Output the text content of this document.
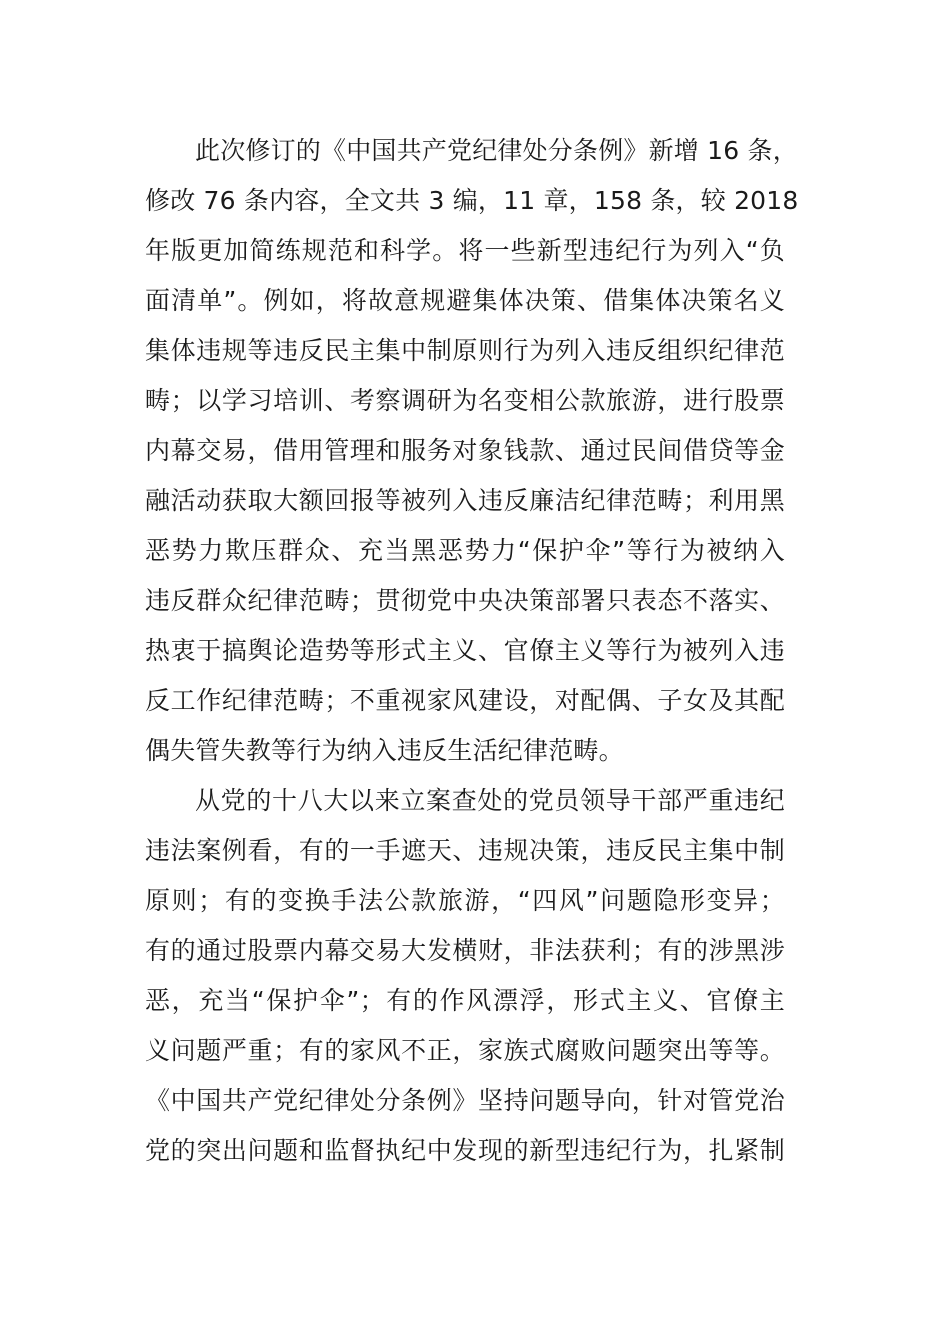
此次修订的《中国共产党纪律处分条例》新增 16 条，
修改 76 条内容，全文共 3 编，11 章，158 条，较 2018
年版更加简练规范和科学。将一些新型违纪行为列入“负
面清单”。例如，将故意规避集体决策、借集体决策名义
集体违规等违反民主集中制原则行为列入违反组织纪律范
畴；以学习培训、考察调研为名变相公款旅游，进行股票
内幕交易，借用管理和服务对象钱款、通过民间借贷等金
融活动获取大额回报等被列入违反廉洁纪律范畴；利用黑
恶势力欺压群众、充当黑恶势力“保护伞”等行为被纳入
违反群众纪律范畴；贯彻党中央决策部署只表态不落实、
热衷于搞舆论造势等形式主义、官僚主义等行为被列入违
反工作纪律范畴；不重视家风建设，对配偶、子女及其配
偶失管失教等行为纳入违反生活纪律范畴。
从党的十八大以来立案查处的党员领导干部严重违纪
违法案例看，有的一手遮天、违规决策，违反民主集中制
原则；有的变换手法公款旅游，“四风”问题隐形变异；
有的通过股票内幕交易大发横财，非法获利；有的涉黑涉
恶，充当“保护伞”；有的作风漂浮，形式主义、官僚主
义问题严重；有的家风不正，家族式腐败问题突出等等。
《中国共产党纪律处分条例》坚持问题导向，针对管党治
党的突出问题和监督执纪中发现的新型违纪行为，扎紧制
